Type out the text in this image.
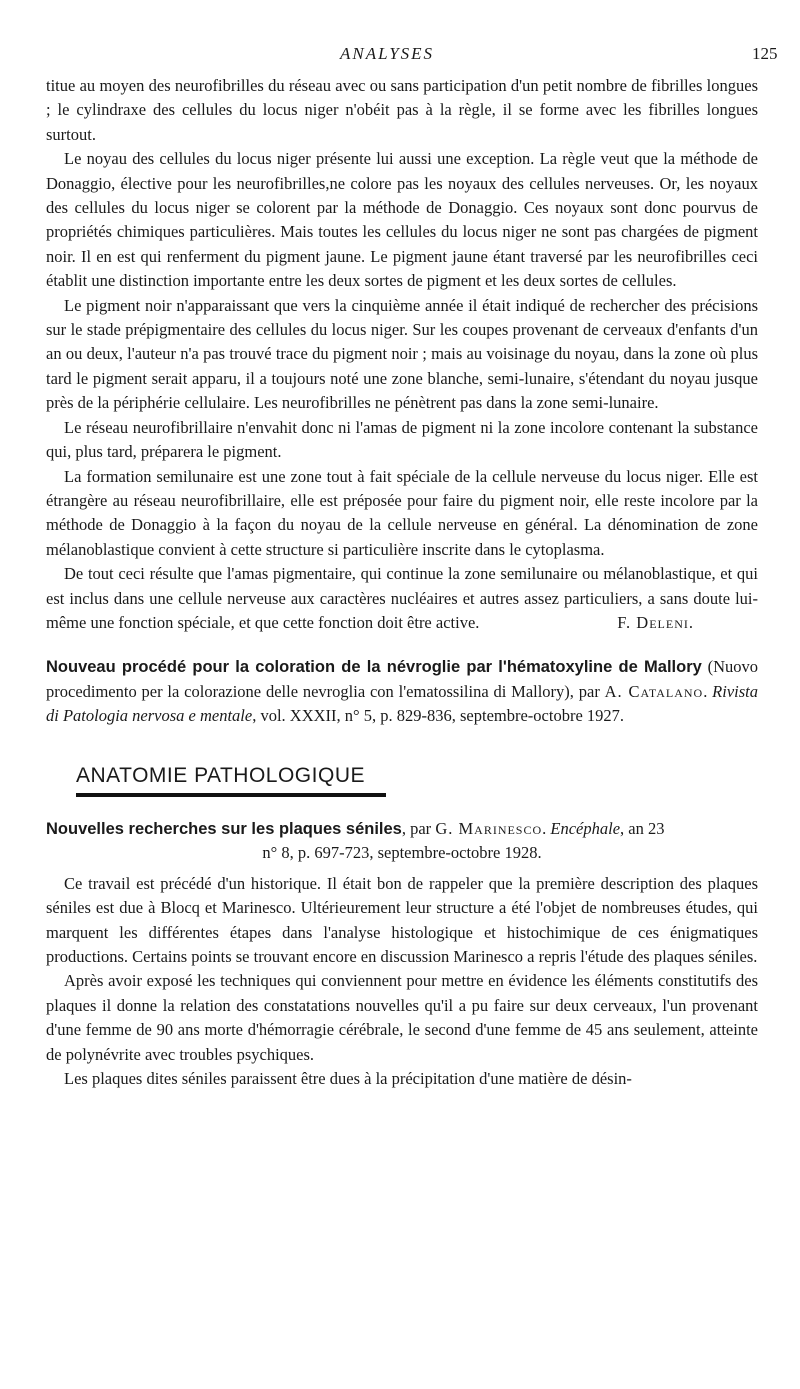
ANALYSES	125

titue au moyen des neurofibrilles du réseau avec ou sans participation d'un petit nombre de fibrilles longues ; le cylindraxe des cellules du locus niger n'obéit pas à la règle, il se forme avec les fibrilles longues surtout.

Le noyau des cellules du locus niger présente lui aussi une exception. La règle veut que la méthode de Donaggio, élective pour les neurofibrilles,ne colore pas les noyaux des cellules nerveuses. Or, les noyaux des cellules du locus niger se colorent par la méthode de Donaggio. Ces noyaux sont donc pourvus de propriétés chimiques particulières. Mais toutes les cellules du locus niger ne sont pas chargées de pigment noir. Il en est qui renferment du pigment jaune. Le pigment jaune étant traversé par les neurofibrilles ceci établit une distinction importante entre les deux sortes de pigment et les deux sortes de cellules.

Le pigment noir n'apparaissant que vers la cinquième année il était indiqué de rechercher des précisions sur le stade prépigmentaire des cellules du locus niger. Sur les coupes provenant de cerveaux d'enfants d'un an ou deux, l'auteur n'a pas trouvé trace du pigment noir ; mais au voisinage du noyau, dans la zone où plus tard le pigment serait apparu, il a toujours noté une zone blanche, semi-lunaire, s'étendant du noyau jusque près de la périphérie cellulaire. Les neurofibrilles ne pénètrent pas dans la zone semi-lunaire.

Le réseau neurofibrillaire n'envahit donc ni l'amas de pigment ni la zone incolore contenant la substance qui, plus tard, préparera le pigment.

La formation semilunaire est une zone tout à fait spéciale de la cellule nerveuse du locus niger. Elle est étrangère au réseau neurofibrillaire, elle est préposée pour faire du pigment noir, elle reste incolore par la méthode de Donaggio à la façon du noyau de la cellule nerveuse en général. La dénomination de zone mélanoblastique convient à cette structure si particulière inscrite dans le cytoplasma.

De tout ceci résulte que l'amas pigmentaire, qui continue la zone semilunaire ou mélanoblastique, et qui est inclus dans une cellule nerveuse aux caractères nucléaires et autres assez particuliers, a sans doute lui-même une fonction spéciale, et que cette fonction doit être active.	F. Deleni.

Nouveau procédé pour la coloration de la névroglie par l'hématoxyline de Mallory (Nuovo procedimento per la colorazione delle nevroglia con l'ematossilina di Mallory), par A. Catalano. Rivista di Patologia nervosa e mentale, vol. XXXII, n° 5, p. 829-836, septembre-octobre 1927.

ANATOMIE PATHOLOGIQUE

Nouvelles recherches sur les plaques séniles, par G. Marinesco. Encéphale, an 23

n° 8, p. 697-723, septembre-octobre 1928.

Ce travail est précédé d'un historique. Il était bon de rappeler que la première description des plaques séniles est due à Blocq et Marinesco. Ultérieurement leur structure a été l'objet de nombreuses études, qui marquent les différentes étapes dans l'analyse histologique et histochimique de ces énigmatiques productions. Certains points se trouvant encore en discussion Marinesco a repris l'étude des plaques séniles.

Après avoir exposé les techniques qui conviennent pour mettre en évidence les éléments constitutifs des plaques il donne la relation des constatations nouvelles qu'il a pu faire sur deux cerveaux, l'un provenant d'une femme de 90 ans morte d'hémorragie cérébrale, le second d'une femme de 45 ans seulement, atteinte de polynévrite avec troubles psychiques.

Les plaques dites séniles paraissent être dues à la précipitation d'une matière de désin-
